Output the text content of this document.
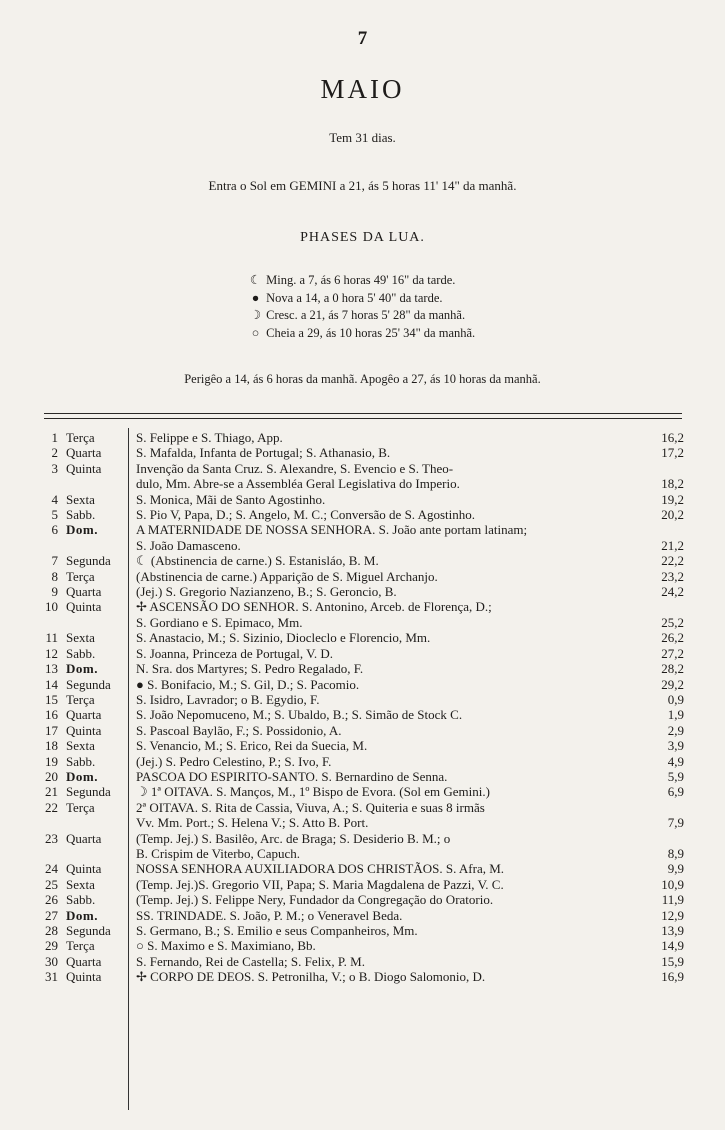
7
MAIO
Tem 31 dias.
Entra o Sol em GEMINI a 21, ás 5 horas 11' 14" da manhã.
PHASES DA LUA.
☾ Ming. a 7, ás 6 horas 49' 16" da tarde.
● Nova a 14, a 0 hora 5' 40" da tarde.
☽ Cresc. a 21, ás 7 horas 5' 28" da manhã.
○ Cheia a 29, ás 10 horas 25' 34" da manhã.
Perigêo a 14, ás 6 horas da manhã. Apogêo a 27, ás 10 horas da manhã.
1 Terça	S. Felippe e S. Thiago, App.	16,2
2 Quarta	S. Mafalda, Infanta de Portugal; S. Athanasio, B.	17,2
3 Quinta	Invenção da Santa Cruz. S. Alexandre, S. Evencio e S. Theo-
dulo, Mm. Abre-se a Assembléa Geral Legislativa do Imperio.	18,2
4 Sexta	S. Monica, Mãi de Santo Agostinho.	19,2
5 Sabb.	S. Pio V, Papa, D.; S. Angelo, M. C.; Conversão de S. Agostinho.	20,2
6 Dom.	A MATERNIDADE DE NOSSA SENHORA. S. João ante portam latinam;
S. João Damasceno.	21,2
7 Segunda ☾ (Abstinencia de carne.) S. Estanisláo, B. M.	22,2
8 Terça	(Abstinencia de carne.) Apparição de S. Miguel Archanjo.	23,2
9 Quarta	(Jej.) S. Gregorio Nazianzeno, B.; S. Geroncio, B.	24,2
10 Quinta	✢ ASCENSÃO DO SENHOR. S. Antonino, Arceb. de Florença, D.;
S. Gordiano e S. Epimaco, Mm.	25,2
11 Sexta	S. Anastacio, M.; S. Sizinio, Diocleclo e Florencio, Mm.	26,2
12 Sabb.	S. Joanna, Princeza de Portugal, V. D.	27,2
13 Dom.	N. Sra. dos Martyres; S. Pedro Regalado, F.	28,2
14 Segunda ● S. Bonifacio, M.; S. Gil, D.; S. Pacomio.	29,2
15 Terça	S. Isidro, Lavrador; o B. Egydio, F.	0,9
16 Quarta	S. João Nepomuceno, M.; S. Ubaldo, B.; S. Simão de Stock C.	1,9
17 Quinta	S. Pascoal Baylão, F.; S. Possidonio, A.	2,9
18 Sexta	S. Venancio, M.; S. Erico, Rei da Suecia, M.	3,9
19 Sabb.	(Jej.) S. Pedro Celestino, P.; S. Ivo, F.	4,9
20 Dom.	PASCOA DO ESPIRITO-SANTO. S. Bernardino de Senna.	5,9
21 Segunda ☽ 1ª OITAVA. S. Manços, M., 1º Bispo de Evora. (Sol em Gemini.)	6,9
22 Terça	2ª OITAVA. S. Rita de Cassia, Viuva, A.; S. Quiteria e suas 8 irmãs
Vv. Mm. Port.; S. Helena V.; S. Atto B. Port.	7,9
23 Quarta	(Temp. Jej.) S. Basilêo, Arc. de Braga; S. Desiderio B. M.; o
B. Crispim de Viterbo, Capuch.	8,9
24 Quinta	NOSSA SENHORA AUXILIADORA DOS CHRISTÃOS. S. Afra, M.	9,9
25 Sexta	(Temp. Jej.)S. Gregorio VII, Papa; S. Maria Magdalena de Pazzi, V. C.	10,9
26 Sabb.	(Temp. Jej.) S. Felippe Nery, Fundador da Congregação do Oratorio.	11,9
27 Dom.	SS. TRINDADE. S. João, P. M.; o Veneravel Beda.	12,9
28 Segunda S. Germano, B.; S. Emilio e seus Companheiros, Mm.	13,9
29 Terça	○ S. Maximo e S. Maximiano, Bb.	14,9
30 Quarta	S. Fernando, Rei de Castella; S. Felix, P. M.	15,9
31 Quinta	✢ CORPO DE DEOS. S. Petronilha, V.; o B. Diogo Salomonio, D.	16,9
